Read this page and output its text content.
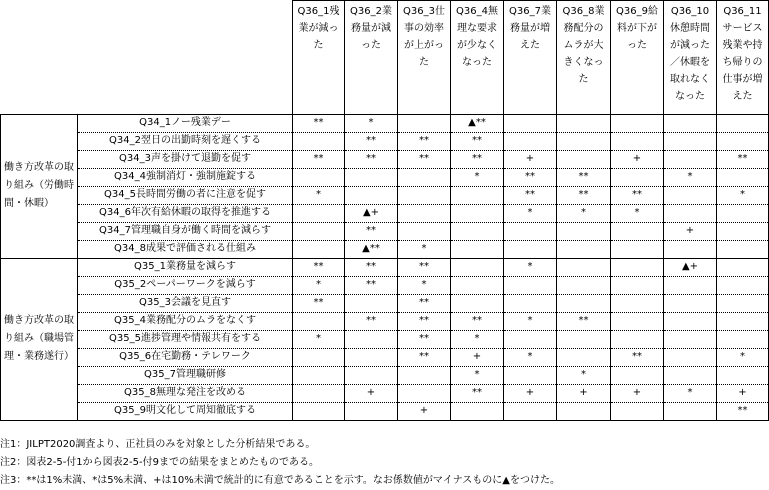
		Q36_1残業が減った	Q36_2業務量が減った	Q36_3仕事の効率が上がった	Q36_4無理な要求が少なくなった	Q36_7業務量が増えた	Q36_8業務配分のムラが大きくなった	Q36_9給料が下がった	Q36_10休憩時間が減った／休暇を取れなくなった	Q36_11サービス残業や持ち帰りの仕事が増えた
働き方改革の取り組み（労働時間・休暇）	Q34_1ノー残業デー	**	*		▲**					
	Q34_2翌日の出勤時刻を遅くする		**	**	**					
	Q34_3声を掛けて退勤を促す	**	**	**	**	+		+		**
	Q34_4強制消灯・強制施錠する				*	**	**		*	
	Q34_5長時間労働の者に注意を促す	*				**	**	**		*
	Q34_6年次有給休暇の取得を推進する		▲+			*	*	*		
	Q34_7管理職自身が働く時間を減らす		**						+	
	Q34_8成果で評価される仕組み		▲**	*						
働き方改革の取り組み（職場管理・業務遂行）	Q35_1業務量を減らす	**	**	**		*			▲+	
	Q35_2ペーパーワークを減らす	*	**	*						
	Q35_3会議を見直す	**		**						
	Q35_4業務配分のムラをなくす		**	**	**	*	**			
	Q35_5進捗管理や情報共有をする	*		**	*					
	Q35_6在宅勤務・テレワーク			**	+	*		**		*
	Q35_7管理職研修				*		*			
	Q35_8無理な発注を改める		+		**	+	+	+	*	+
	Q35_9明文化して周知徹底する			+						**
注1：JILPT2020調査より、正社員のみを対象とした分析結果である。
注2：図表2-5-付1から図表2-5-付9までの結果をまとめたものである。
注3：**は1%未満、*は5%未満、+は10%未満で統計的に有意であることを示す。なお係数値がマイナスものに▲をつけた。
